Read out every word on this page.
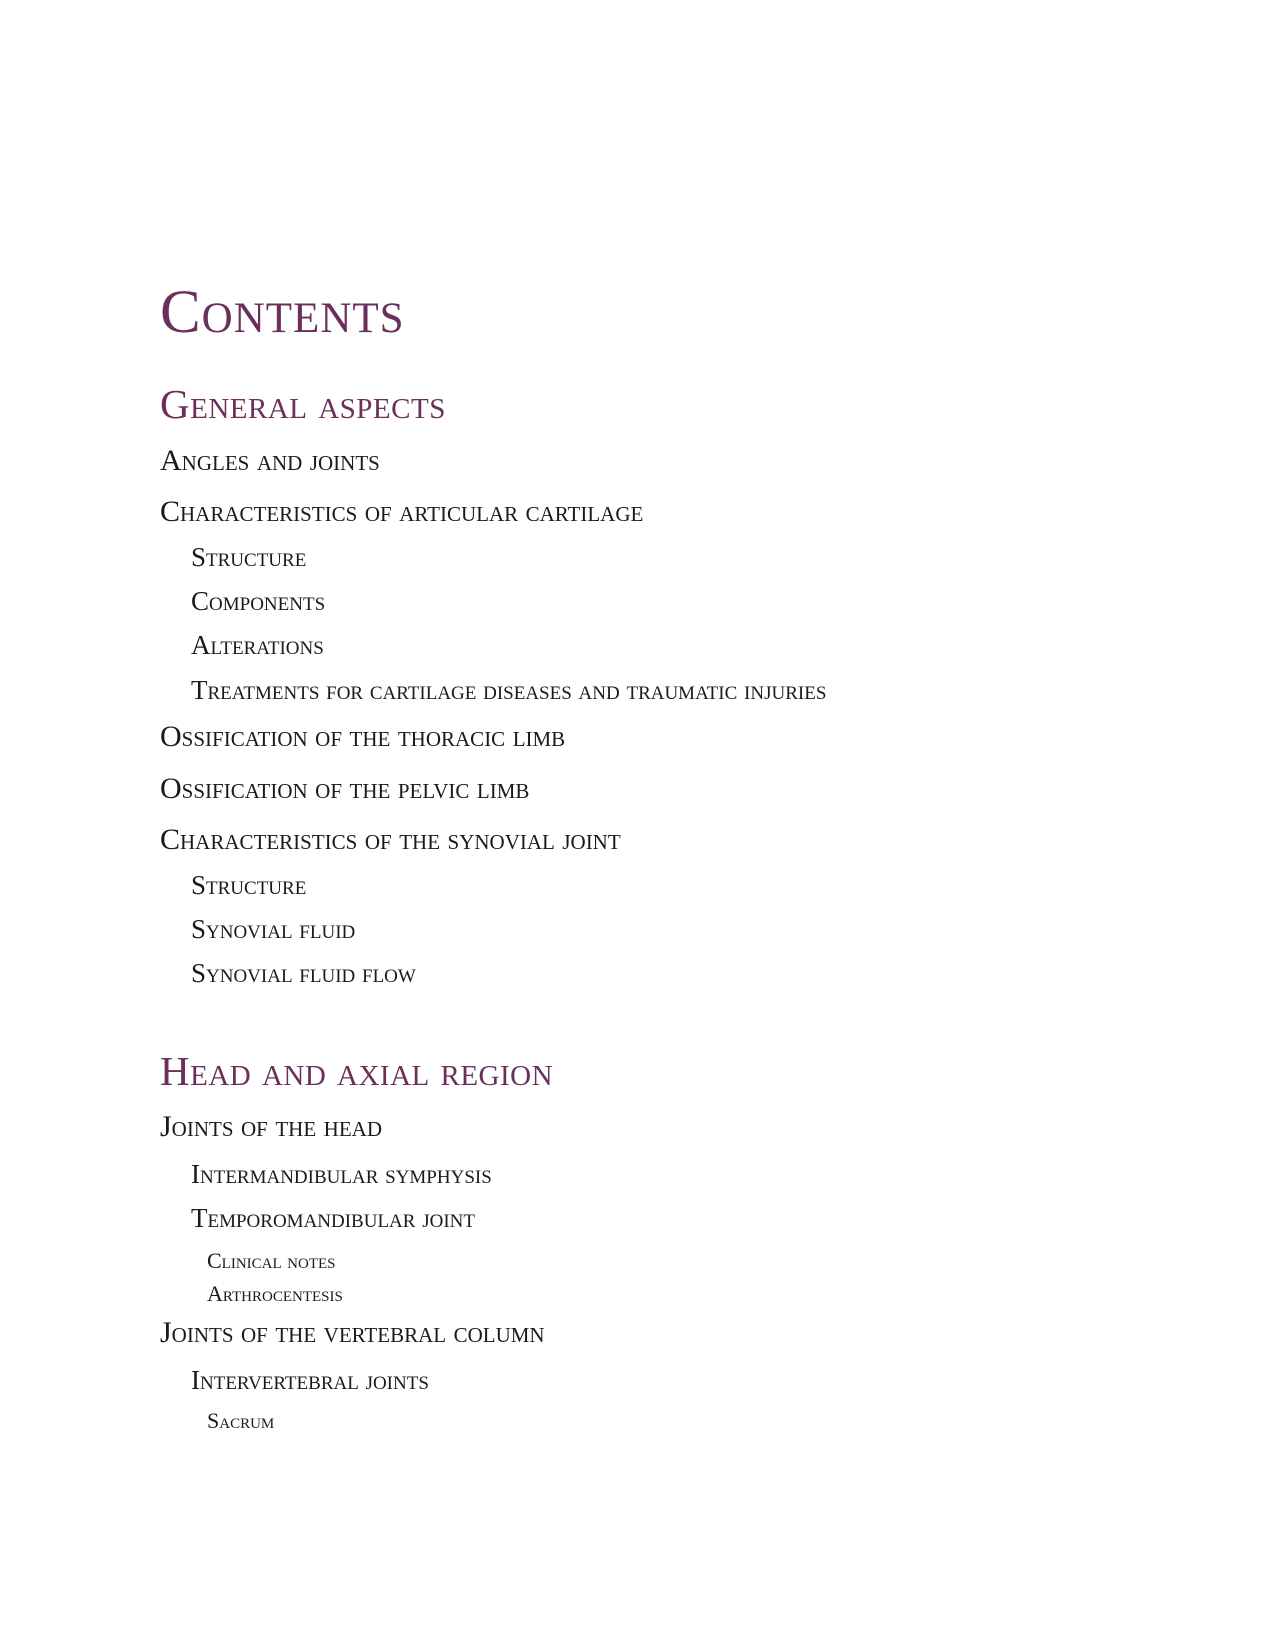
Contents
General aspects
Angles and joints
Characteristics of articular cartilage
Structure
Components
Alterations
Treatments for cartilage diseases and traumatic injuries
Ossification of the thoracic limb
Ossification of the pelvic limb
Characteristics of the synovial joint
Structure
Synovial fluid
Synovial fluid flow
Head and axial region
Joints of the head
Intermandibular symphysis
Temporomandibular joint
Clinical notes
Arthrocentesis
Joints of the vertebral column
Intervertebral joints
Sacrum
